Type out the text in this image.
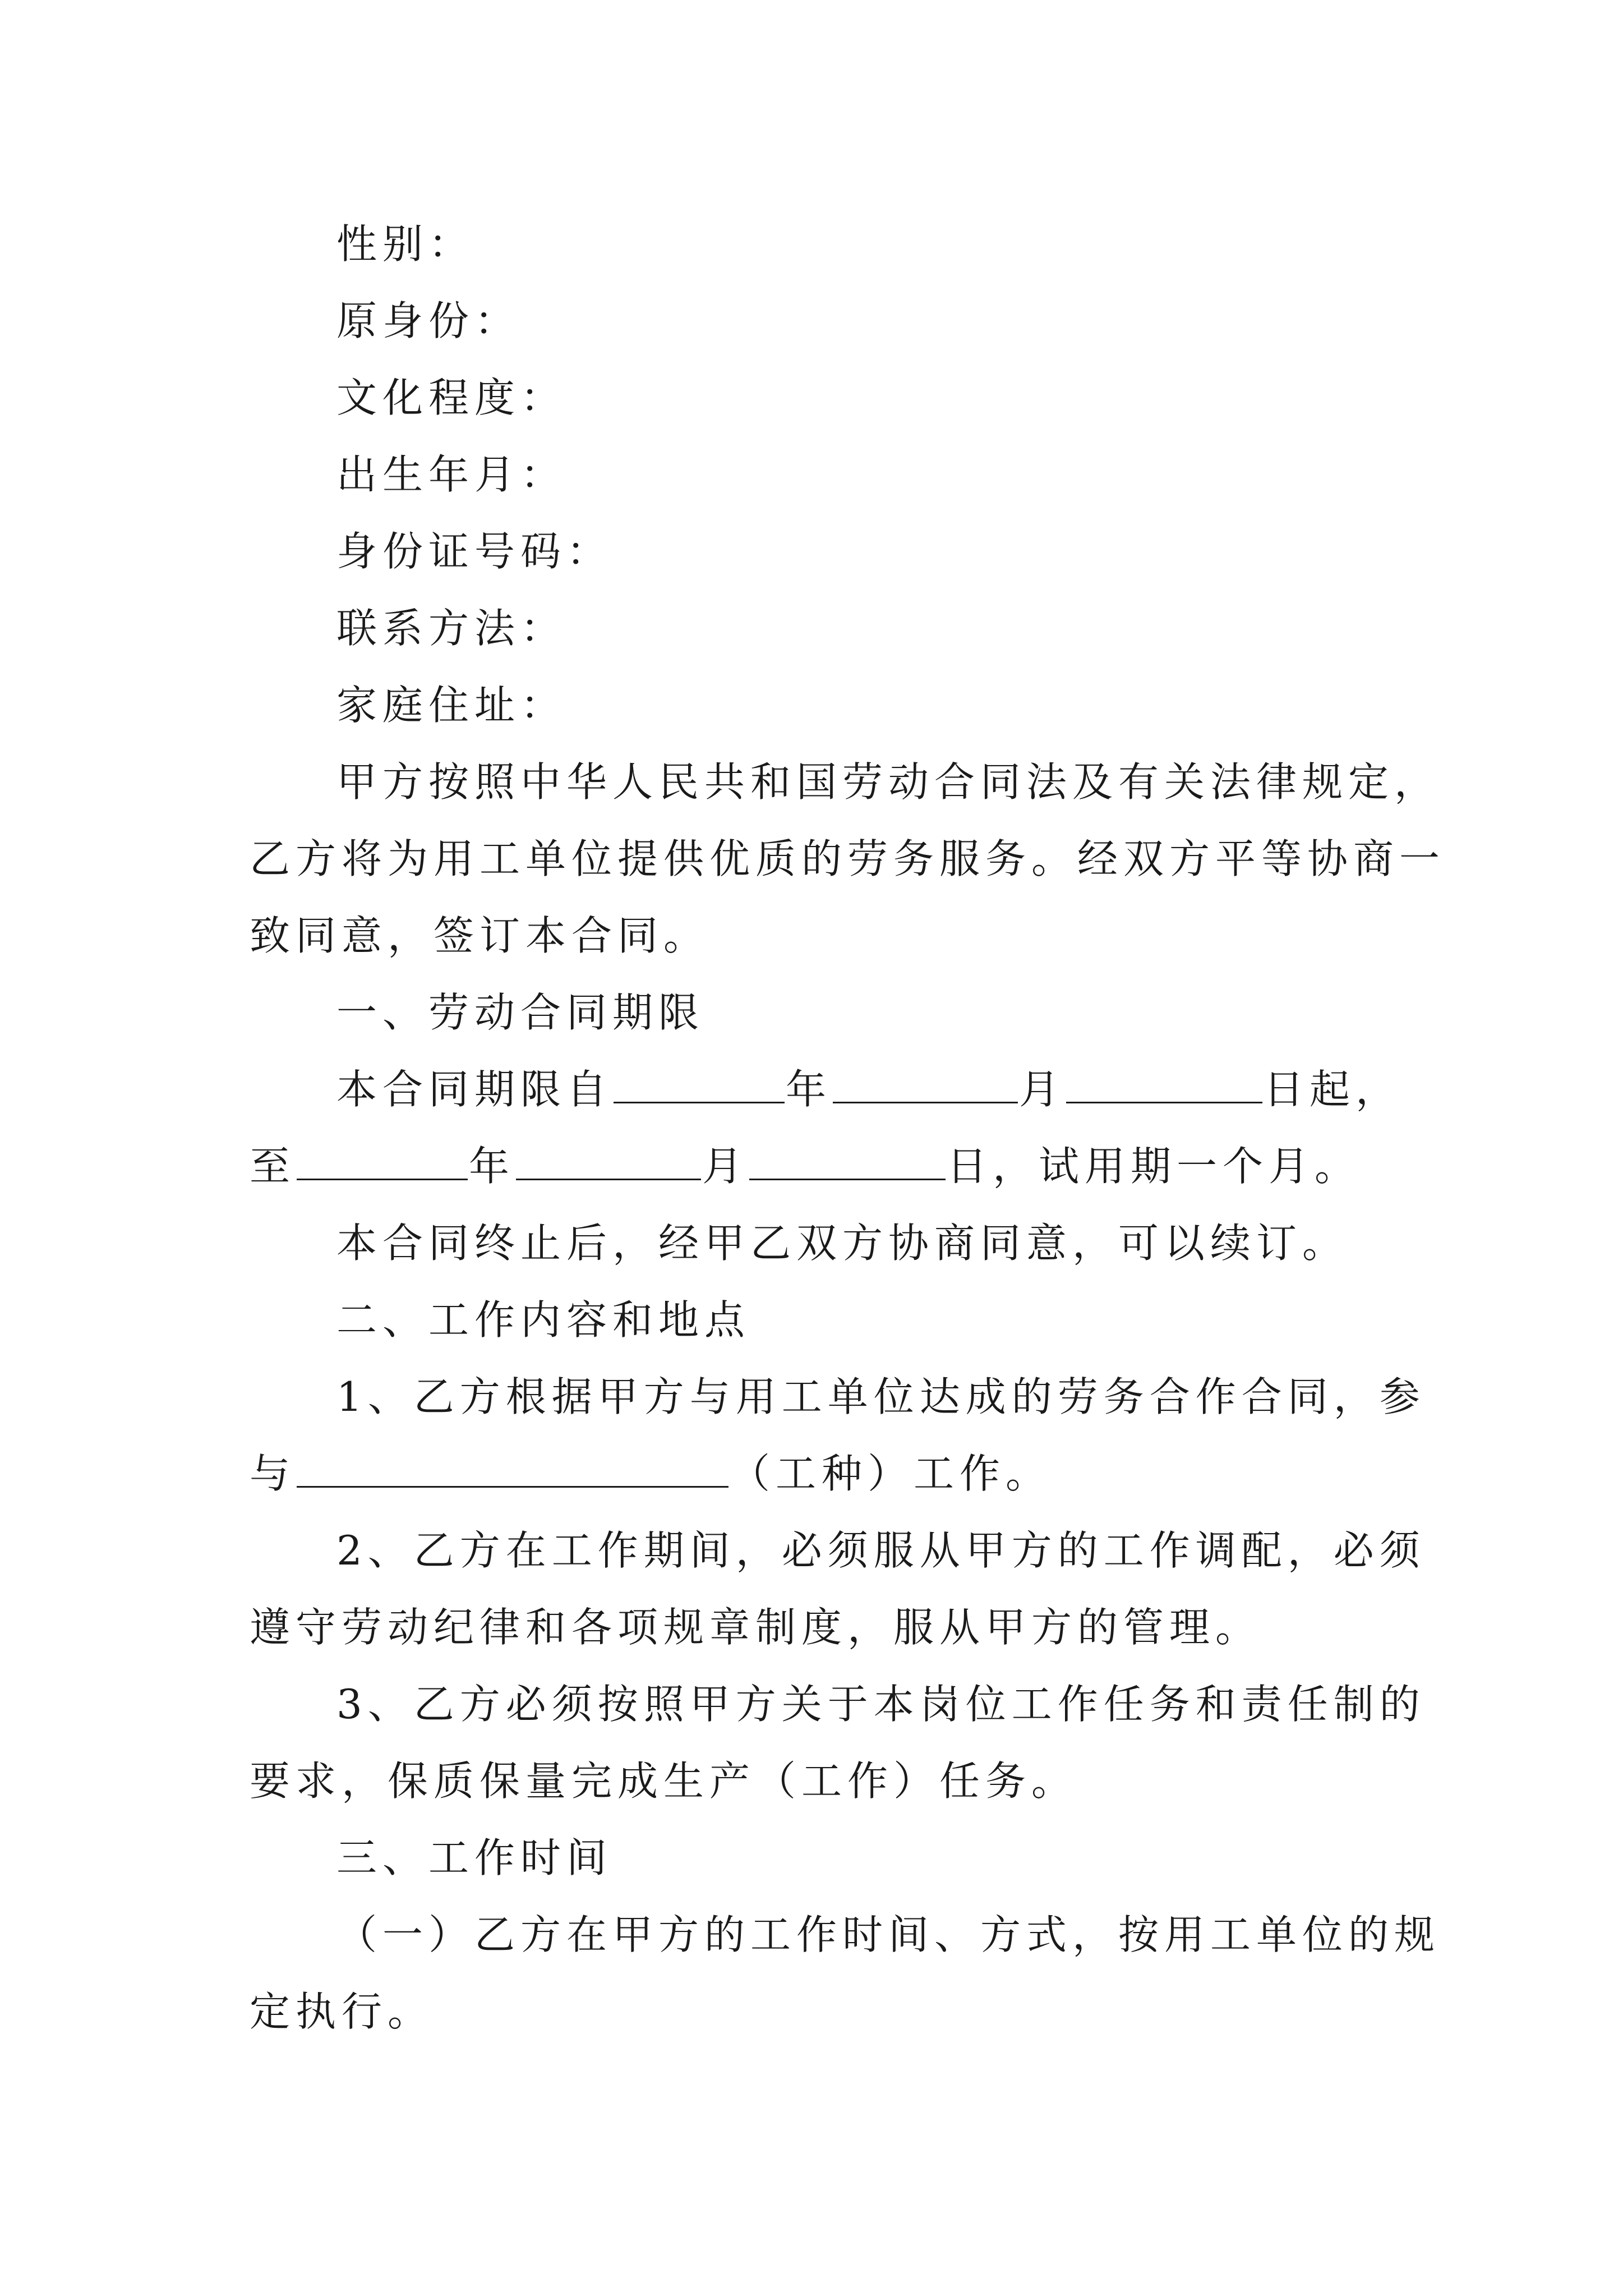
性别：
原身份：
文化程度：
出生年月：
身份证号码：
联系方法：
家庭住址：
甲方按照中华人民共和国劳动合同法及有关法律规定，
乙方将为用工单位提供优质的劳务服务。经双方平等协商一
致同意，签订本合同。
一、劳动合同期限
本合同期限自	年	月	日起，
至	年	月	日，试用期一个月。
本合同终止后，经甲乙双方协商同意，可以续订。
二、工作内容和地点
1、乙方根据甲方与用工单位达成的劳务合作合同，参
与	（工种）工作。
2、乙方在工作期间，必须服从甲方的工作调配，必须
遵守劳动纪律和各项规章制度，服从甲方的管理。
3、乙方必须按照甲方关于本岗位工作任务和责任制的
要求，保质保量完成生产（工作）任务。
三、工作时间
（一）乙方在甲方的工作时间、方式，按用工单位的规
定执行。
